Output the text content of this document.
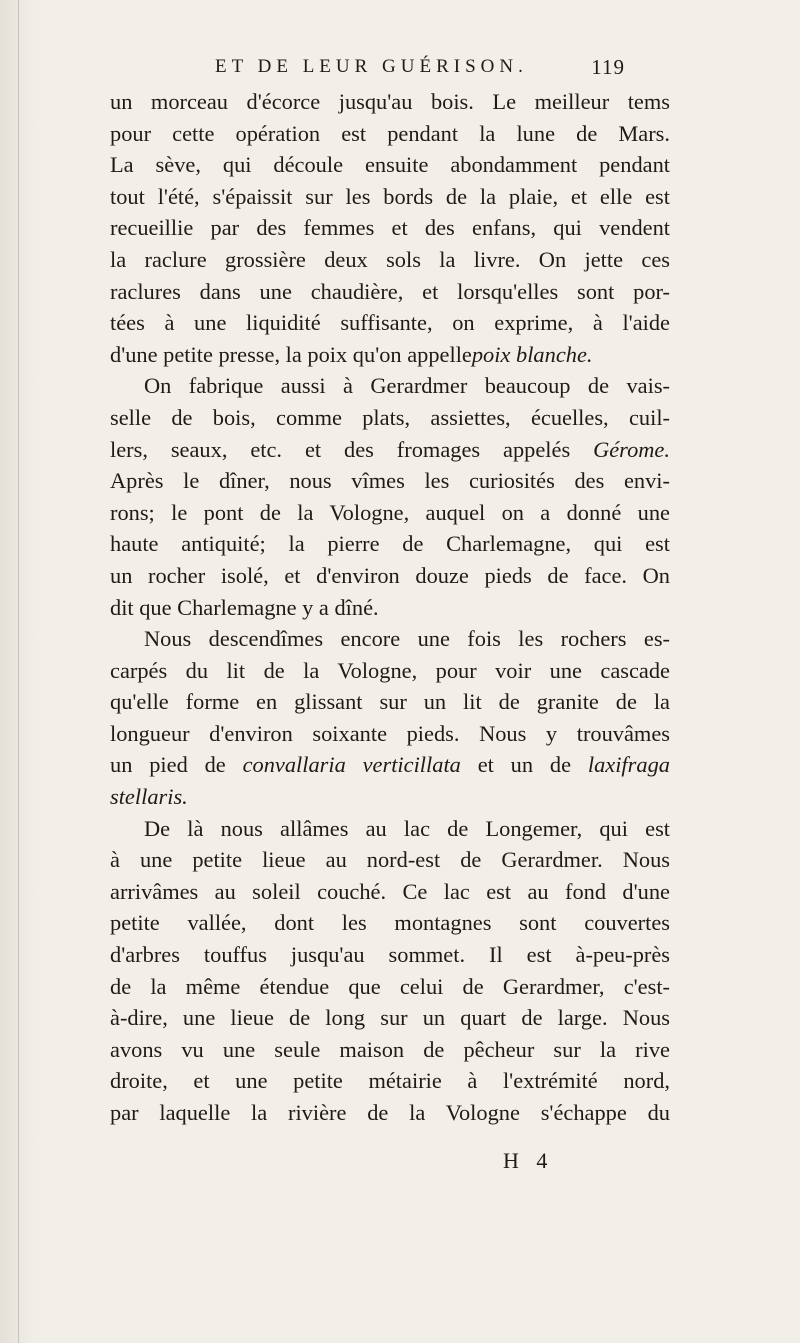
ET DE LEUR GUÉRISON.	119
un morceau d'écorce jusqu'au bois. Le meilleur tems
pour cette opération est pendant la lune de Mars.
La sève, qui découle ensuite abondamment pendant
tout l'été, s'épaissit sur les bords de la plaie, et elle est
recueillie par des femmes et des enfans, qui vendent
la raclure grossière deux sols la livre. On jette ces
raclures dans une chaudière, et lorsqu'elles sont por-
tées à une liquidité suffisante, on exprime, à l'aide
d'une petite presse, la poix qu'on appellepoix blanche.
On fabrique aussi à Gerardmer beaucoup de vais-
selle de bois, comme plats, assiettes, écuelles, cuil-
lers, seaux, etc. et des fromages appelés Gérome.
Après le dîner, nous vîmes les curiosités des envi-
rons; le pont de la Vologne, auquel on a donné une
haute antiquité; la pierre de Charlemagne, qui est
un rocher isolé, et d'environ douze pieds de face. On
dit que Charlemagne y a dîné.
Nous descendîmes encore une fois les rochers es-
carpés du lit de la Vologne, pour voir une cascade
qu'elle forme en glissant sur un lit de granite de la
longueur d'environ soixante pieds. Nous y trouvâmes
un pied de convallaria verticillata et un de laxifraga
stellaris.
De là nous allâmes au lac de Longemer, qui est
à une petite lieue au nord-est de Gerardmer. Nous
arrivâmes au soleil couché. Ce lac est au fond d'une
petite vallée, dont les montagnes sont couvertes
d'arbres touffus jusqu'au sommet. Il est à-peu-près
de la même étendue que celui de Gerardmer, c'est-
à-dire, une lieue de long sur un quart de large. Nous
avons vu une seule maison de pêcheur sur la rive
droite, et une petite métairie à l'extrémité nord,
par laquelle la rivière de la Vologne s'échappe du
H 4
